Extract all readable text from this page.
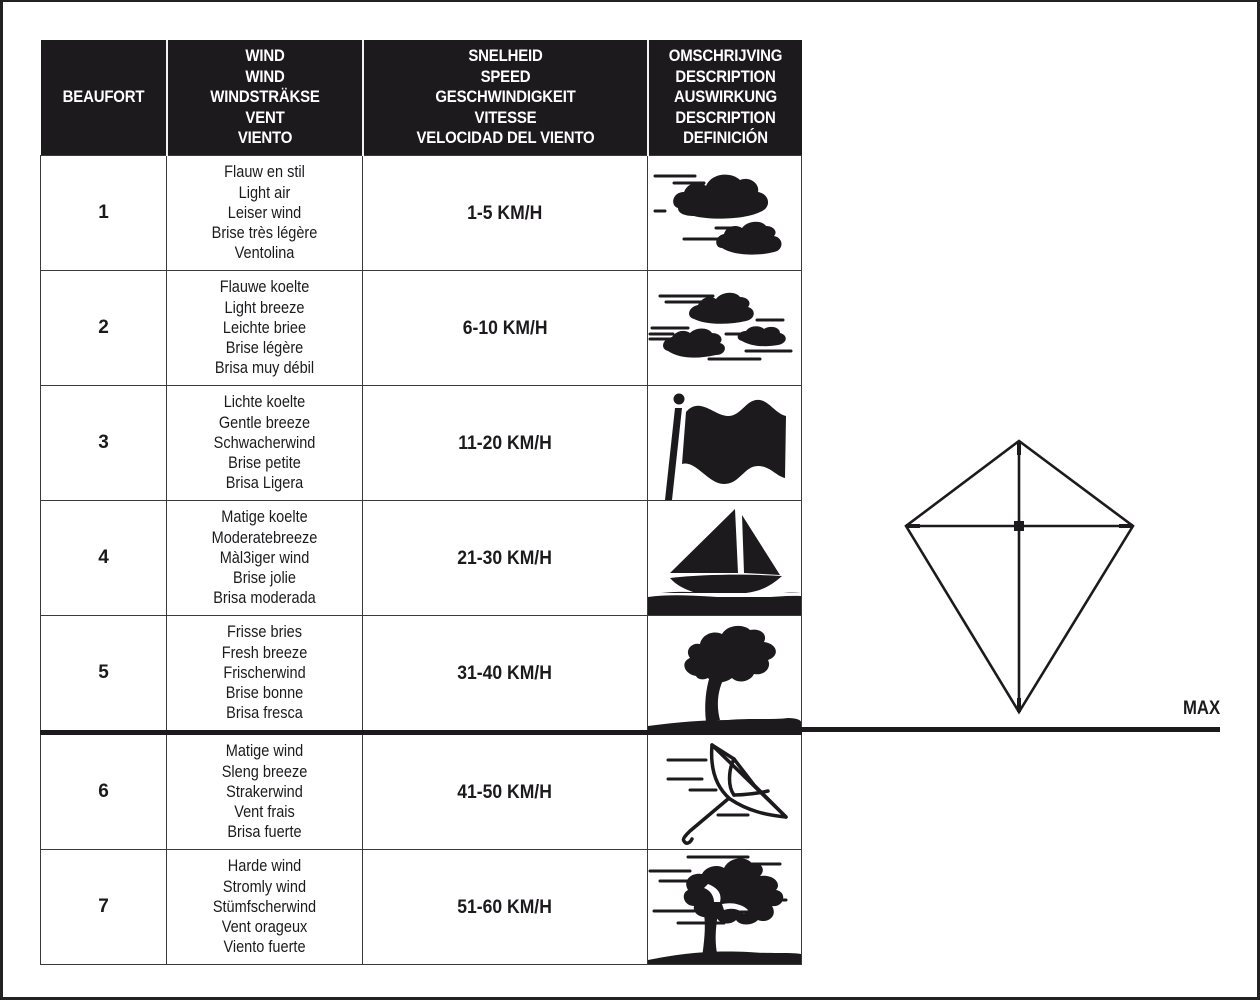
BEAUFORT	WIND
WIND
WINDSTRÄKSE
VENT
VIENTO	SNELHEID
SPEED
GESCHWINDIGKEIT
VITESSE
VELOCIDAD DEL VIENTO	OMSCHRIJVING
DESCRIPTION
AUSWIRKUNG
DESCRIPTION
DEFINICIÓN

1	Flauw en stil
Light air
Leiser wind
Brise très légère
Ventolina	1-5 KM/H	

2	Flauwe koelte
Light breeze
Leichte briee
Brise légère
Brisa muy débil	6-10 KM/H	

3	Lichte koelte
Gentle breeze
Schwacherwind
Brise petite
Brisa Ligera	11-20 KM/H	

4	Matige koelte
Moderatebreeze
Màl3iger wind
Brise jolie
Brisa moderada	21-30 KM/H	

5	Frisse bries
Fresh breeze
Frischerwind
Brise bonne
Brisa fresca	31-40 KM/H	

6	Matige wind
Sleng breeze
Strakerwind
Vent frais
Brisa fuerte	41-50 KM/H	

7	Harde wind
Stromly wind
Stümfscherwind
Vent orageux
Viento fuerte	51-60 KM/H	
MAX
